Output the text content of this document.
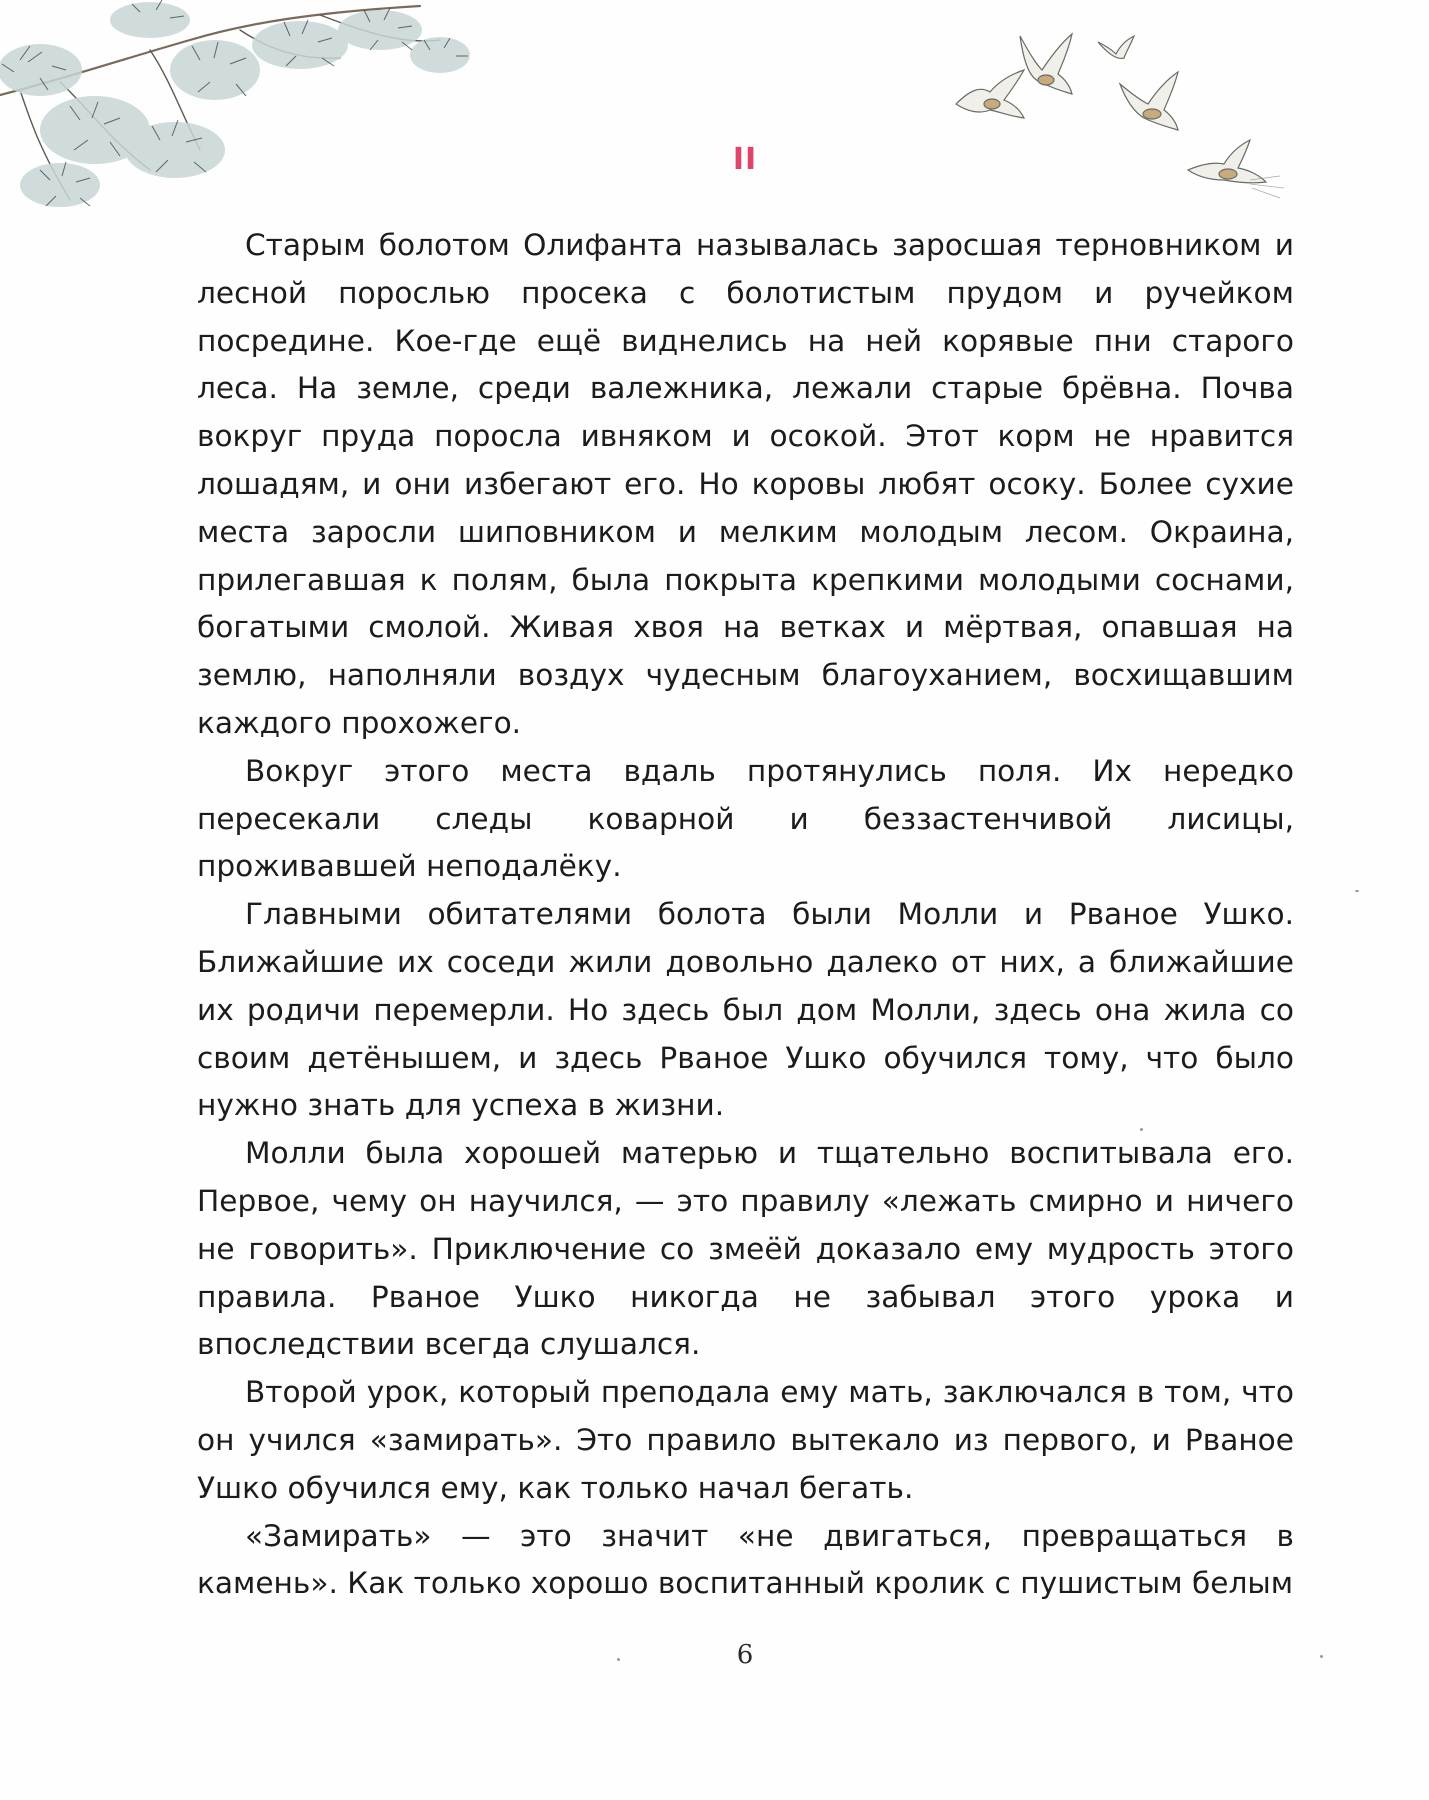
II

Старым болотом Олифанта называлась заросшая терновником и лесной порослью просека с болотистым прудом и ручейком посредине. Кое-где ещё виднелись на ней корявые пни старого леса. На земле, среди валежника, лежали старые брёвна. Почва вокруг пруда поросла ивняком и осокой. Этот корм не нравится лошадям, и они избегают его. Но коровы любят осоку. Более сухие места заросли шиповником и мелким молодым лесом. Окраина, прилегавшая к полям, была покрыта крепкими молодыми соснами, богатыми смолой. Живая хвоя на ветках и мёртвая, опавшая на землю, наполняли воздух чудесным благоуханием, восхищавшим каждого прохожего.

Вокруг этого места вдаль протянулись поля. Их нередко пересекали следы коварной и беззастенчивой лисицы, проживавшей неподалёку.

Главными обитателями болота были Молли и Рваное Ушко. Ближайшие их соседи жили довольно далеко от них, а ближайшие их родичи перемерли. Но здесь был дом Молли, здесь она жила со своим детёнышем, и здесь Рваное Ушко обучился тому, что было нужно знать для успеха в жизни.

Молли была хорошей матерью и тщательно воспитывала его. Первое, чему он научился, — это правилу «лежать смирно и ничего не говорить». Приключение со змеёй доказало ему мудрость этого правила. Рваное Ушко никогда не забывал этого урока и впоследствии всегда слушался.

Второй урок, который преподала ему мать, заключался в том, что он учился «замирать». Это правило вытекало из первого, и Рваное Ушко обучился ему, как только начал бегать.

«Замирать» — это значит «не двигаться, превращаться в камень». Как только хорошо воспитанный кролик с пушистым белым

6
